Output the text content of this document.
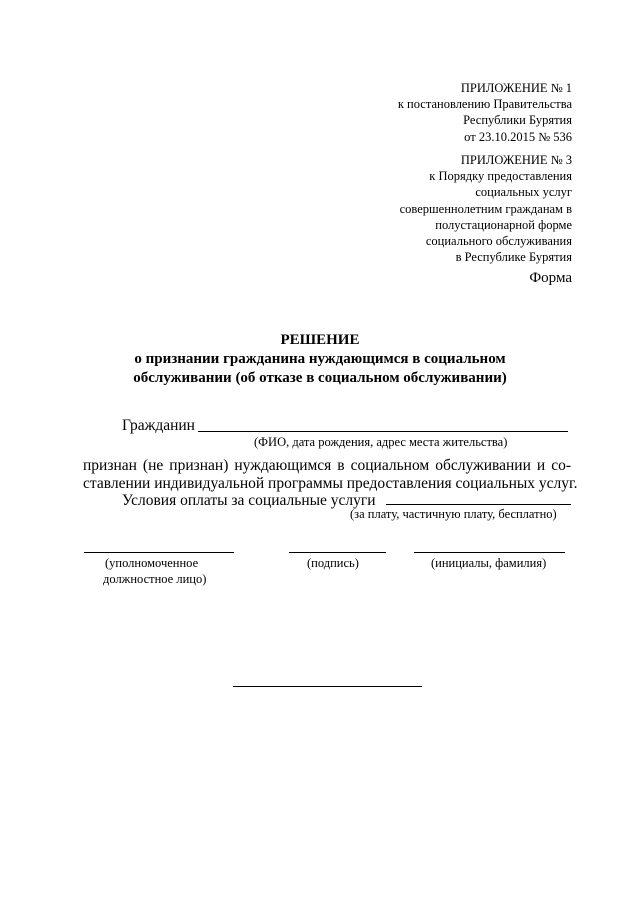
ПРИЛОЖЕНИЕ № 1
к постановлению Правительства
Республики Бурятия
от 23.10.2015 № 536
ПРИЛОЖЕНИЕ № 3
к Порядку предоставления
социальных услуг
совершеннолетним гражданам в
полустационарной форме
социального обслуживания
в Республике Бурятия
Форма
РЕШЕНИЕ
о признании гражданина нуждающимся в социальном
обслуживании (об отказе в социальном обслуживании)
Гражданин
(ФИО, дата рождения, адрес места жительства)
признан (не признан) нуждающимся в социальном обслуживании и со-
ставлении индивидуальной программы предоставления социальных услуг.
Условия оплаты за социальные услуги
(за плату, частичную плату, бесплатно)
(уполномоченное
должностное лицо)
(подпись)	(инициалы, фамилия)
